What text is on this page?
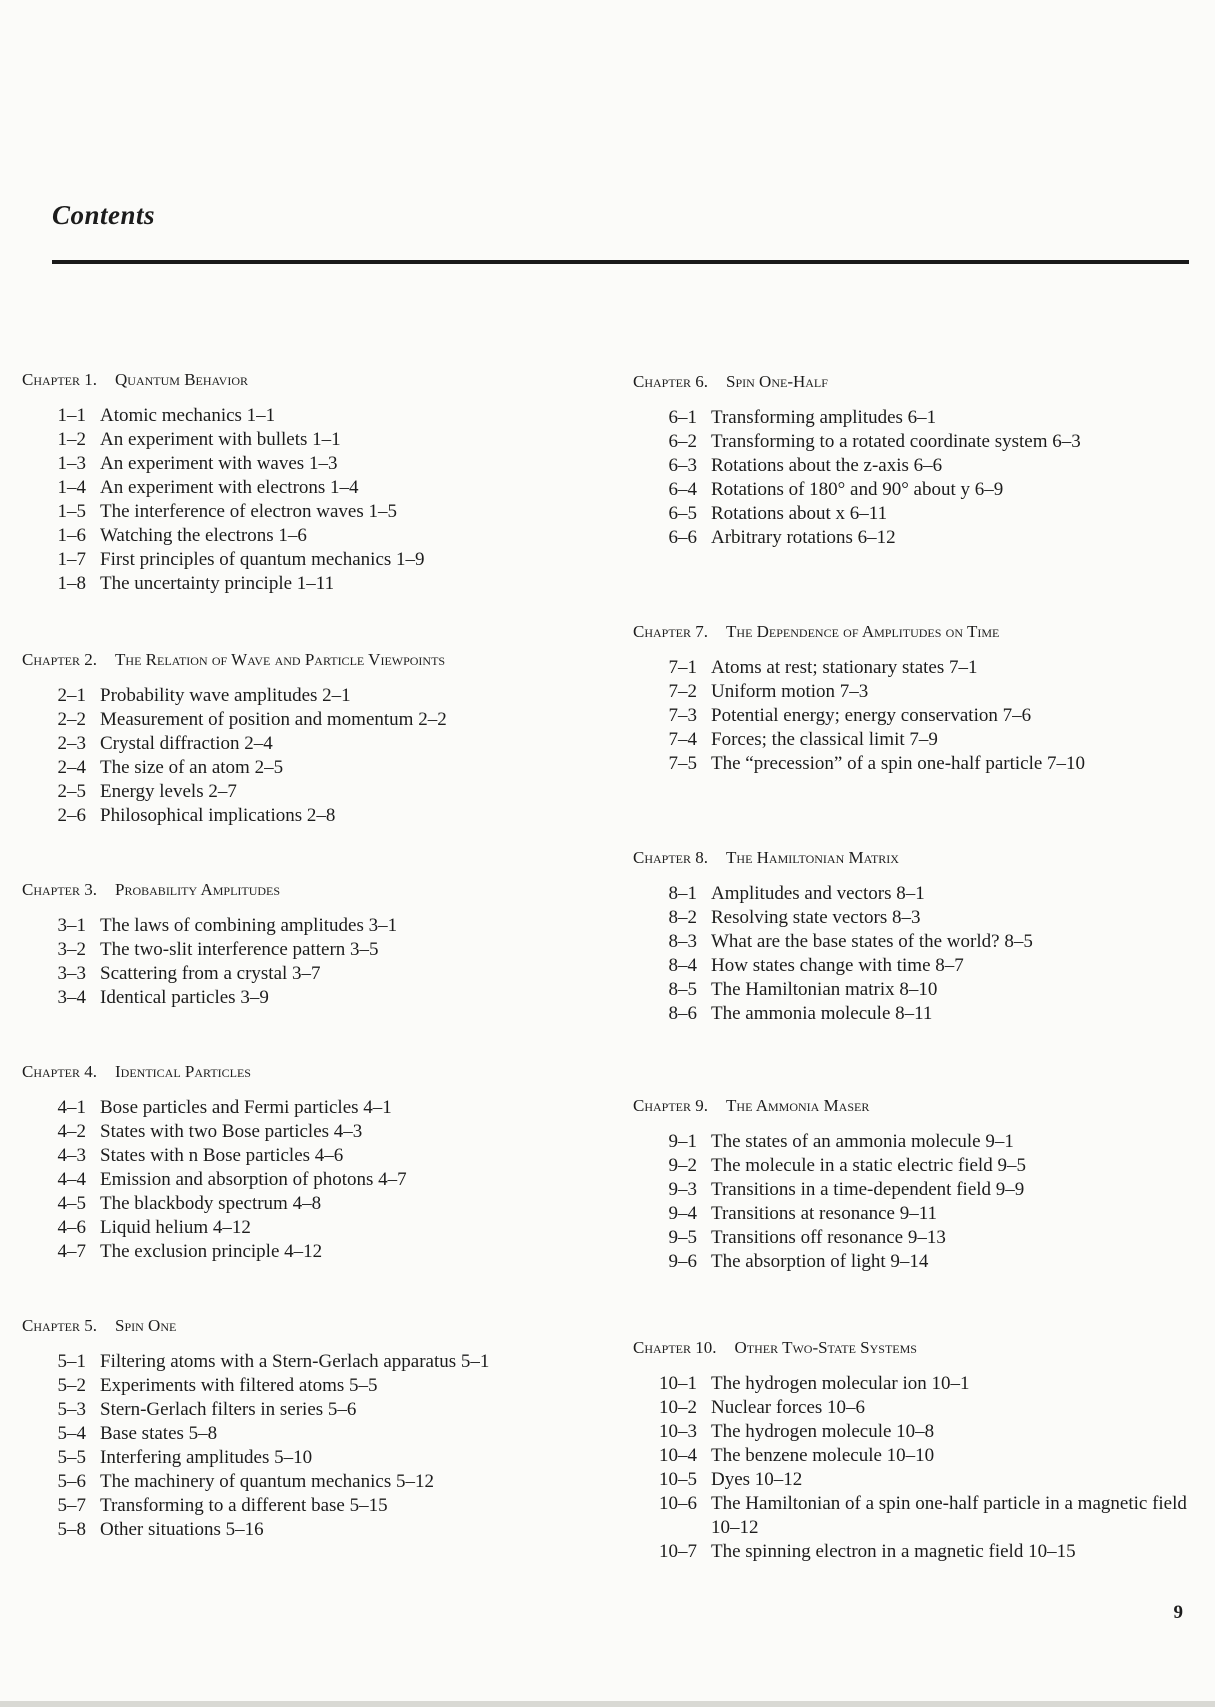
Contents
Chapter 1.	Quantum Behavior
1–1 Atomic mechanics 1–1
1–2 An experiment with bullets 1–1
1–3 An experiment with waves 1–3
1–4 An experiment with electrons 1–4
1–5 The interference of electron waves 1–5
1–6 Watching the electrons 1–6
1–7 First principles of quantum mechanics 1–9
1–8 The uncertainty principle 1–11
Chapter 2.	The Relation of Wave and Particle Viewpoints
2–1 Probability wave amplitudes 2–1
2–2 Measurement of position and momentum 2–2
2–3 Crystal diffraction 2–4
2–4 The size of an atom 2–5
2–5 Energy levels 2–7
2–6 Philosophical implications 2–8
Chapter 3.	Probability Amplitudes
3–1 The laws of combining amplitudes 3–1
3–2 The two-slit interference pattern 3–5
3–3 Scattering from a crystal 3–7
3–4 Identical particles 3–9
Chapter 4.	Identical Particles
4–1 Bose particles and Fermi particles 4–1
4–2 States with two Bose particles 4–3
4–3 States with n Bose particles 4–6
4–4 Emission and absorption of photons 4–7
4–5 The blackbody spectrum 4–8
4–6 Liquid helium 4–12
4–7 The exclusion principle 4–12
Chapter 5.	Spin One
5–1 Filtering atoms with a Stern-Gerlach apparatus 5–1
5–2 Experiments with filtered atoms 5–5
5–3 Stern-Gerlach filters in series 5–6
5–4 Base states 5–8
5–5 Interfering amplitudes 5–10
5–6 The machinery of quantum mechanics 5–12
5–7 Transforming to a different base 5–15
5–8 Other situations 5–16
Chapter 6.	Spin One-Half
6–1 Transforming amplitudes 6–1
6–2 Transforming to a rotated coordinate system 6–3
6–3 Rotations about the z-axis 6–6
6–4 Rotations of 180° and 90° about y 6–9
6–5 Rotations about x 6–11
6–6 Arbitrary rotations 6–12
Chapter 7.	The Dependence of Amplitudes on Time
7–1 Atoms at rest; stationary states 7–1
7–2 Uniform motion 7–3
7–3 Potential energy; energy conservation 7–6
7–4 Forces; the classical limit 7–9
7–5 The “precession” of a spin one-half particle 7–10
Chapter 8.	The Hamiltonian Matrix
8–1 Amplitudes and vectors 8–1
8–2 Resolving state vectors 8–3
8–3 What are the base states of the world? 8–5
8–4 How states change with time 8–7
8–5 The Hamiltonian matrix 8–10
8–6 The ammonia molecule 8–11
Chapter 9.	The Ammonia Maser
9–1 The states of an ammonia molecule 9–1
9–2 The molecule in a static electric field 9–5
9–3 Transitions in a time-dependent field 9–9
9–4 Transitions at resonance 9–11
9–5 Transitions off resonance 9–13
9–6 The absorption of light 9–14
Chapter 10.	Other Two-State Systems
10–1 The hydrogen molecular ion 10–1
10–2 Nuclear forces 10–6
10–3 The hydrogen molecule 10–8
10–4 The benzene molecule 10–10
10–5 Dyes 10–12
10–6 The Hamiltonian of a spin one-half particle in a magnetic field 10–12
10–7 The spinning electron in a magnetic field 10–15
9
